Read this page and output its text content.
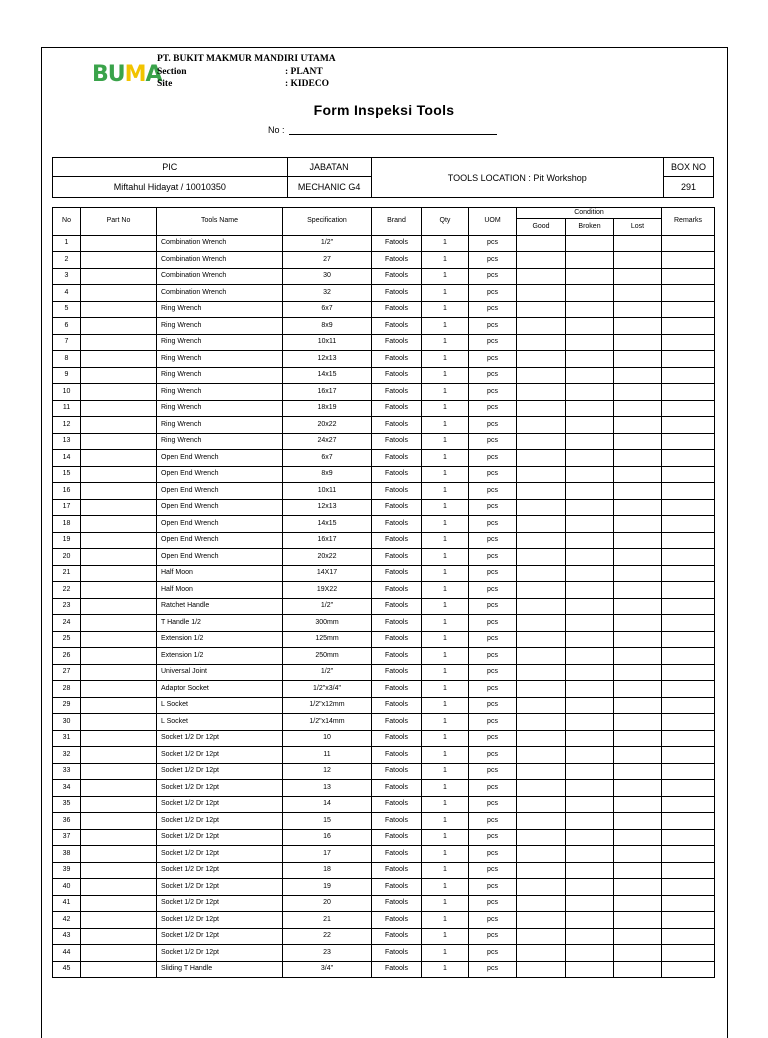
BUMA
PT. BUKIT MAKMUR MANDIRI UTAMA
Section	: PLANT
Site	: KIDECO
Form Inspeksi Tools
No :
PIC	JABATAN	TOOLS LOCATION : Pit Workshop	BOX NO
Miftahul Hidayat / 10010350	MECHANIC G4		291
No	Part No	Tools Name	Specification	Brand	Qty	UOM	Condition			Remarks
							Good	Broken	Lost	
1		Combination Wrench	1/2"	Fatools	1	pcs				
2		Combination Wrench	27	Fatools	1	pcs				
3		Combination Wrench	30	Fatools	1	pcs				
4		Combination Wrench	32	Fatools	1	pcs				
5		Ring Wrench	6x7	Fatools	1	pcs				
6		Ring Wrench	8x9	Fatools	1	pcs				
7		Ring Wrench	10x11	Fatools	1	pcs				
8		Ring Wrench	12x13	Fatools	1	pcs				
9		Ring Wrench	14x15	Fatools	1	pcs				
10		Ring Wrench	16x17	Fatools	1	pcs				
11		Ring Wrench	18x19	Fatools	1	pcs				
12		Ring Wrench	20x22	Fatools	1	pcs				
13		Ring Wrench	24x27	Fatools	1	pcs				
14		Open End Wrench	6x7	Fatools	1	pcs				
15		Open End Wrench	8x9	Fatools	1	pcs				
16		Open End Wrench	10x11	Fatools	1	pcs				
17		Open End Wrench	12x13	Fatools	1	pcs				
18		Open End Wrench	14x15	Fatools	1	pcs				
19		Open End Wrench	16x17	Fatools	1	pcs				
20		Open End Wrench	20x22	Fatools	1	pcs				
21		Half Moon	14X17	Fatools	1	pcs				
22		Half Moon	19X22	Fatools	1	pcs				
23		Ratchet Handle	1/2"	Fatools	1	pcs				
24		T Handle 1/2	300mm	Fatools	1	pcs				
25		Extension 1/2	125mm	Fatools	1	pcs				
26		Extension 1/2	250mm	Fatools	1	pcs				
27		Universal Joint	1/2"	Fatools	1	pcs				
28		Adaptor Socket	1/2"x3/4"	Fatools	1	pcs				
29		L Socket	1/2"x12mm	Fatools	1	pcs				
30		L Socket	1/2"x14mm	Fatools	1	pcs				
31		Socket 1/2 Dr 12pt	10	Fatools	1	pcs				
32		Socket 1/2 Dr 12pt	11	Fatools	1	pcs				
33		Socket 1/2 Dr 12pt	12	Fatools	1	pcs				
34		Socket 1/2 Dr 12pt	13	Fatools	1	pcs				
35		Socket 1/2 Dr 12pt	14	Fatools	1	pcs				
36		Socket 1/2 Dr 12pt	15	Fatools	1	pcs				
37		Socket 1/2 Dr 12pt	16	Fatools	1	pcs				
38		Socket 1/2 Dr 12pt	17	Fatools	1	pcs				
39		Socket 1/2 Dr 12pt	18	Fatools	1	pcs				
40		Socket 1/2 Dr 12pt	19	Fatools	1	pcs				
41		Socket 1/2 Dr 12pt	20	Fatools	1	pcs				
42		Socket 1/2 Dr 12pt	21	Fatools	1	pcs				
43		Socket 1/2 Dr 12pt	22	Fatools	1	pcs				
44		Socket 1/2 Dr 12pt	23	Fatools	1	pcs				
45		Sliding T Handle	3/4"	Fatools	1	pcs				
